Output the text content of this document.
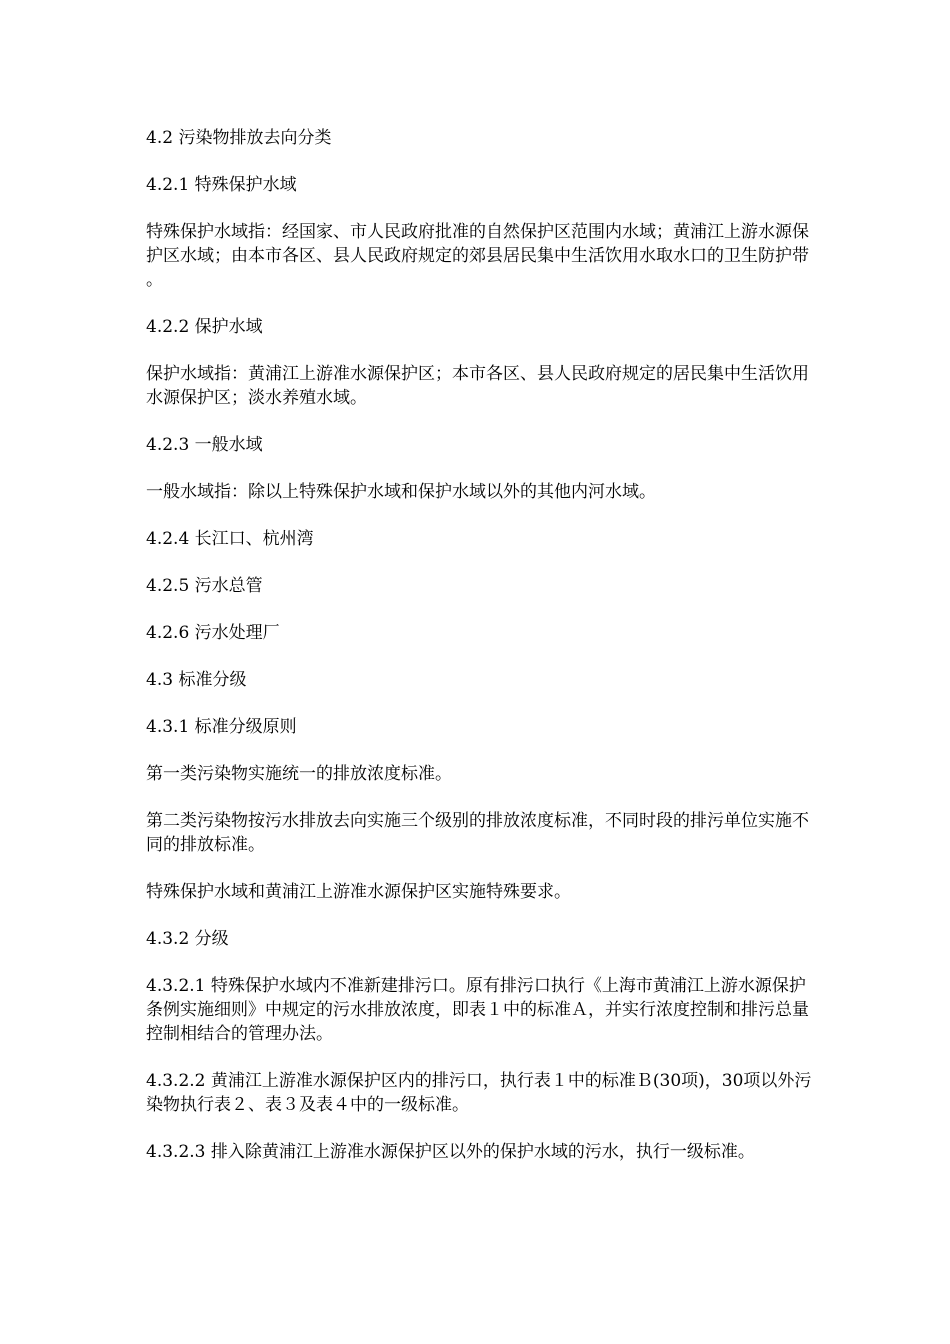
4.2 污染物排放去向分类

4.2.1 特殊保护水域

特殊保护水域指：经国家、市人民政府批准的自然保护区范围内水域；黄浦江上游水源保护区水域；由本市各区、县人民政府规定的郊县居民集中生活饮用水取水口的卫生防护带。

4.2.2 保护水域

保护水域指：黄浦江上游准水源保护区；本市各区、县人民政府规定的居民集中生活饮用水源保护区；淡水养殖水域。

4.2.3 一般水域

一般水域指：除以上特殊保护水域和保护水域以外的其他内河水域。

4.2.4 长江口、杭州湾

4.2.5 污水总管

4.2.6 污水处理厂

4.3 标准分级

4.3.1 标准分级原则

第一类污染物实施统一的排放浓度标准。

第二类污染物按污水排放去向实施三个级别的排放浓度标准，不同时段的排污单位实施不同的排放标准。

特殊保护水域和黄浦江上游准水源保护区实施特殊要求。

4.3.2 分级

4.3.2.1 特殊保护水域内不准新建排污口。原有排污口执行《上海市黄浦江上游水源保护条例实施细则》中规定的污水排放浓度，即表１中的标准Ａ，并实行浓度控制和排污总量控制相结合的管理办法。

4.3.2.2 黄浦江上游准水源保护区内的排污口，执行表１中的标准Ｂ(30项)，30项以外污染物执行表２、表３及表４中的一级标准。

4.3.2.3 排入除黄浦江上游准水源保护区以外的保护水域的污水，执行一级标准。
